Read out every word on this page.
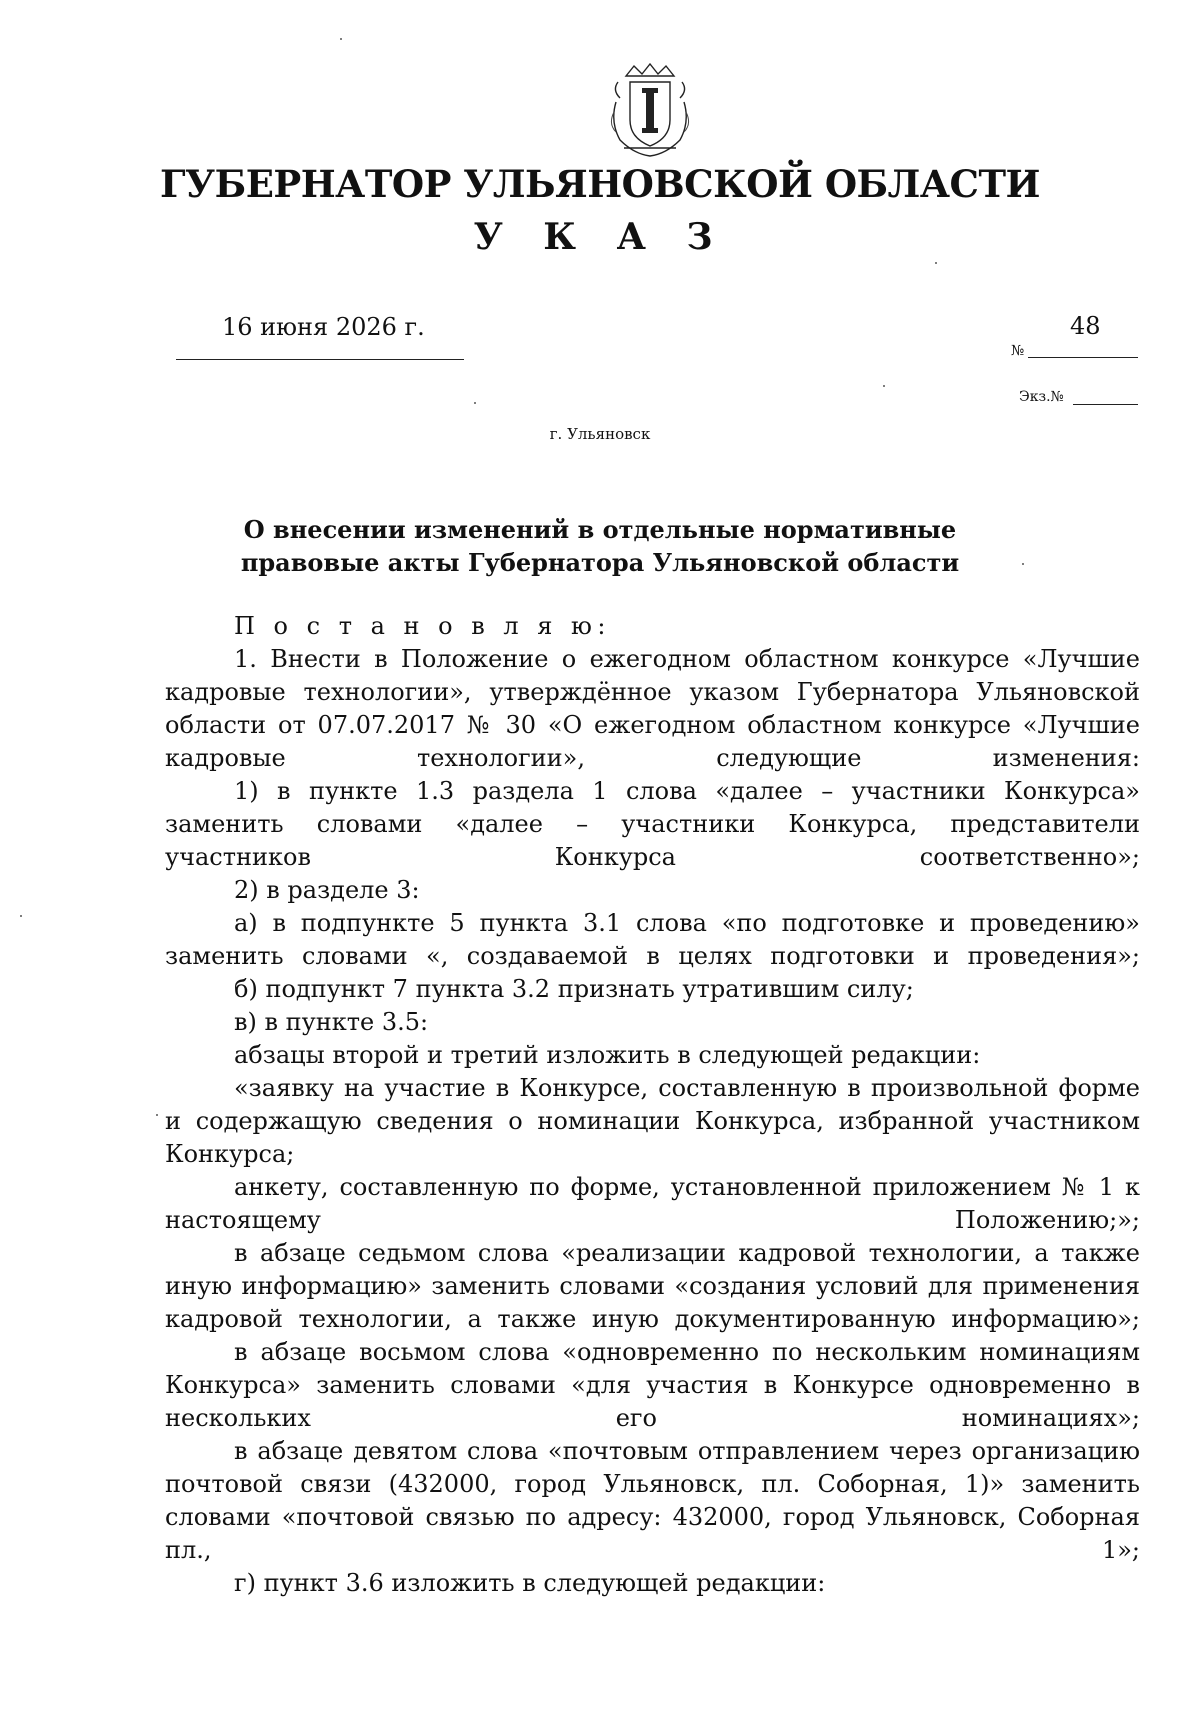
ГУБЕРНАТОР УЛЬЯНОВСКОЙ ОБЛАСТИ
У К А З
16 июня 2026 г.
№
48
Экз.№
г. Ульяновск
О внесении изменений в отдельные нормативные
правовые акты Губернатора Ульяновской области

П о с т а н о в л я ю:

1. Внести в Положение о ежегодном областном конкурсе «Лучшие кадровые технологии», утверждённое указом Губернатора Ульяновской области от 07.07.2017 № 30 «О ежегодном областном конкурсе «Лучшие кадровые технологии», следующие изменения:

1) в пункте 1.3 раздела 1 слова «далее – участники Конкурса» заменить словами «далее – участники Конкурса, представители участников Конкурса соответственно»;

2) в разделе 3:

а) в подпункте 5 пункта 3.1 слова «по подготовке и проведению» заменить словами «, создаваемой в целях подготовки и проведения»;

б) подпункт 7 пункта 3.2 признать утратившим силу;

в) в пункте 3.5:

абзацы второй и третий изложить в следующей редакции:

«заявку на участие в Конкурсе, составленную в произвольной форме и содержащую сведения о номинации Конкурса, избранной участником Конкурса;

анкету, составленную по форме, установленной приложением № 1 к настоящему Положению;»;

в абзаце седьмом слова «реализации кадровой технологии, а также иную информацию» заменить словами «создания условий для применения кадровой технологии, а также иную документированную информацию»;

в абзаце восьмом слова «одновременно по нескольким номинациям Конкурса» заменить словами «для участия в Конкурсе одновременно в нескольких его номинациях»;

в абзаце девятом слова «почтовым отправлением через организацию почтовой связи (432000, город Ульяновск, пл. Соборная, 1)» заменить словами «почтовой связью по адресу: 432000, город Ульяновск, Соборная пл., 1»;

г) пункт 3.6 изложить в следующей редакции:
